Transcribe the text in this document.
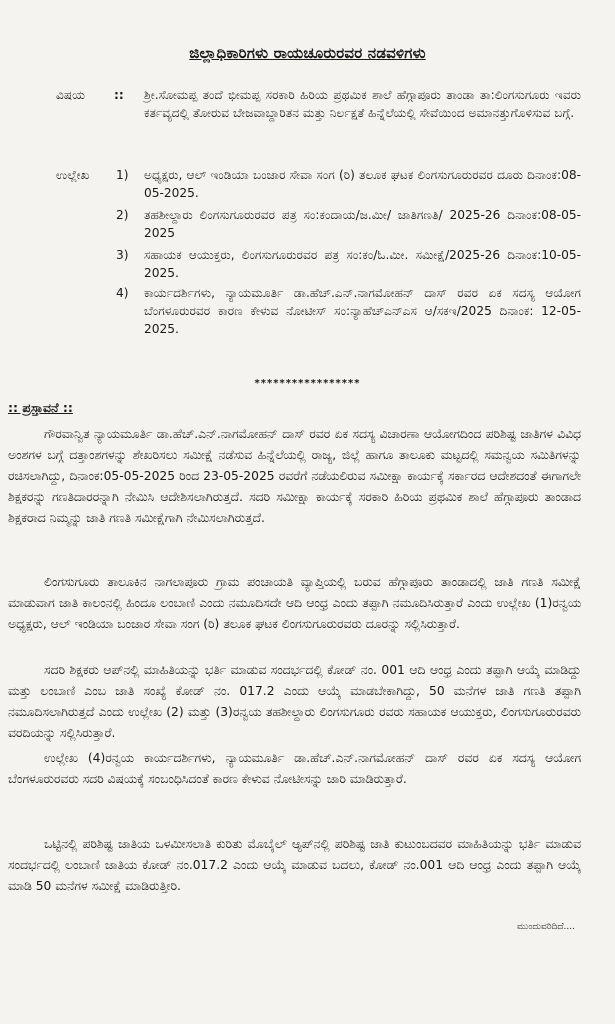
ಜಿಲ್ಲಾಧಿಕಾರಿಗಳು ರಾಯಚೂರುರವರ ನಡವಳಿಗಳು
ವಿಷಯ	::	ಶ್ರೀ.ಸೋಮಪ್ಪ ತಂದೆ ಭೀಮಪ್ಪ ಸರಕಾರಿ ಹಿರಿಯ ಪ್ರಥಮಿಕ ಶಾಲೆ ಹೆಗ್ಗಾಪೂರು ತಾಂಡಾ ತಾ:ಲಿಂಗಸುಗೂರು ಇವರು ಕರ್ತವ್ಯದಲ್ಲಿ ತೋರುವ ಬೇಜವಾಬ್ದಾರಿತನ ಮತ್ತು ನಿರ್ಲಕ್ಷತೆ ಹಿನ್ನೆಲೆಯಲ್ಲಿ ಸೇವೆಯಿಂದ ಅಮಾನತ್ತುಗೊಳಿಸುವ ಬಗ್ಗೆ.
ಉಲ್ಲೇಖ	1)	ಅಧ್ಯಕ್ಷರು, ಆಲ್ ಇಂಡಿಯಾ ಬಂಜಾರ ಸೇವಾ ಸಂಗ (ರಿ) ತಲೂಕ ಘಟಕ ಲಿಂಗಸುಗೂರುರವರ ದೂರು ದಿನಾಂಕ:08-05-2025.
2)	ತಹಶೀಲ್ದಾರು ಲಿಂಗಸುಗೂರುರವರ ಪತ್ರ ಸಂ:ಕಂದಾಯ/ಜ.ಮೀ/ ಜಾತಿಗಣತಿ/ 2025-26 ದಿನಾಂಕ:08-05-2025
3)	ಸಹಾಯಕ ಆಯುಕ್ತರು, ಲಿಂಗಸುಗೂರುರವರ ಪತ್ರ ಸಂ:ಕಂ/ಓ.ಮೀ. ಸಮೀಕ್ಷೆ/2025-26 ದಿನಾಂಕ:10-05-2025.
4)	ಕಾರ್ಯದರ್ಶಿಗಳು, ನ್ಯಾಯಮೂರ್ತಿ ಡಾ.ಹೆಚ್.ಎನ್.ನಾಗಮೋಹನ್ ದಾಸ್ ರವರ ಏಕ ಸದಸ್ಯ ಆಯೋಗ ಬೆಂಗಳೂರುರವರ ಕಾರಣ ಕೇಳುವ ನೋಟೀಸ್ ಸಂ:ನ್ಯಾಹೆಚ್ಎನ್ಎಸ ಆ/ಸಕಇ/2025 ದಿನಾಂಕ: 12-05-2025.
*****************
:: ಪ್ರಸ್ತಾವನೆ ::
ಗೌರವಾನ್ವಿತ ನ್ಯಾಯಮೂರ್ತಿ ಡಾ.ಹೆಚ್.ಎನ್.ನಾಗಮೋಹನ್ ದಾಸ್ ರವರ ಏಕ ಸದಸ್ಯ ವಿಚಾರಣಾ ಆಯೋಗದಿಂದ ಪರಿಶಿಷ್ಟ ಜಾತಿಗಳ ವಿವಿಧ ಅಂಶಗಳ ಬಗ್ಗೆ ದತ್ತಾಂಶಗಳನ್ನು ಶೇಖರಿಸಲು ಸಮೀಕ್ಷೆ ನಡೆಸುವ ಹಿನ್ನೆಲೆಯಲ್ಲಿ ರಾಜ್ಯ, ಜಿಲ್ಲೆ ಹಾಗೂ ತಾಲೂಕು ಮಟ್ಟದಲ್ಲಿ ಸಮನ್ವಯ ಸಮಿತಿಗಳನ್ನು ರಚಿಸಲಾಗಿದ್ದು, ದಿನಾಂಕ:05-05-2025 ರಿಂದ 23-05-2025 ರವರೆಗೆ ನಡೆಯಲಿರುವ ಸಮೀಕ್ಷಾ ಕಾರ್ಯಕ್ಕೆ ಸರ್ಕಾರದ ಆದೇಶದಂತೆ ಈಗಾಗಲೇ ಶಿಕ್ಷಕರನ್ನು ಗಣತಿದಾರರನ್ನಾಗಿ ನೇಮಿಸಿ ಆದೇಶಿಸಲಾಗಿರುತ್ತದೆ. ಸದರಿ ಸಮೀಕ್ಷಾ ಕಾರ್ಯಕ್ಕೆ ಸರಕಾರಿ ಹಿರಿಯ ಪ್ರಥಮಿಕ ಶಾಲೆ ಹೆಗ್ಗಾಪೂರು ತಾಂಡಾದ ಶಿಕ್ಷಕರಾದ ನಿಮ್ಮನ್ನು ಜಾತಿ ಗಣತಿ ಸಮೀಕ್ಷೆಗಾಗಿ ನೇಮಿಸಲಾಗಿರುತ್ತದೆ.
ಲಿಂಗಸುಗೂರು ತಾಲೂಕಿನ ನಾಗಲಾಪೂರು ಗ್ರಾಮ ಪಂಚಾಯತಿ ವ್ಯಾಪ್ತಿಯಲ್ಲಿ ಬರುವ ಹೆಗ್ಗಾಪೂರು ತಾಂಡಾದಲ್ಲಿ ಜಾತಿ ಗಣತಿ ಸಮೀಕ್ಷೆ ಮಾಡುವಾಗ ಜಾತಿ ಕಾಲಂನಲ್ಲಿ ಹಿಂದೂ ಲಂಬಾಣಿ ಎಂದು ನಮೂದಿಸದೇ ಆದಿ ಆಂಧ್ರ ಎಂದು ತಪ್ಪಾಗಿ ನಮೂದಿಸಿರುತ್ತಾರೆ ಎಂದು ಉಲ್ಲೇಖ (1)ರನ್ವಯ ಅಧ್ಯಕ್ಷರು, ಆಲ್ ಇಂಡಿಯಾ ಬಂಜಾರ ಸೇವಾ ಸಂಗ (ರಿ) ತಲೂಕ ಘಟಕ ಲಿಂಗಸುಗೂರುರವರು ದೂರನ್ನು ಸಲ್ಲಿಸಿರುತ್ತಾರೆ.
ಸದರಿ ಶಿಕ್ಷಕರು ಆಪ್‌ನಲ್ಲಿ ಮಾಹಿತಿಯನ್ನು ಭರ್ತಿ ಮಾಡುವ ಸಂದರ್ಭದಲ್ಲಿ ಕೋಡ್ ನಂ. 001 ಆದಿ ಆಂಧ್ರ ಎಂದು ತಪ್ಪಾಗಿ ಆಯ್ಕೆ ಮಾಡಿದ್ದು ಮತ್ತು ಲಂಬಾಣಿ ಎಂಬ ಜಾತಿ ಸಂಖ್ಯೆ ಕೋಡ್ ನಂ. 017.2 ಎಂದು ಆಯ್ಕೆ ಮಾಡಬೇಕಾಗಿದ್ದು, 50 ಮನೆಗಳ ಜಾತಿ ಗಣತಿ ತಪ್ಪಾಗಿ ನಮೂದಿಸಲಾಗಿರುತ್ತದೆ ಎಂದು ಉಲ್ಲೇಖ (2) ಮತ್ತು (3)ರನ್ವಯ ತಹಶೀಲ್ದಾರು ಲಿಂಗಸುಗೂರು ರವರು ಸಹಾಯಕ ಆಯುಕ್ತರು, ಲಿಂಗಸುಗೂರುರವರು ವರದಿಯನ್ನು ಸಲ್ಲಿಸಿರುತ್ತಾರೆ.
ಉಲ್ಲೇಖ (4)ರನ್ವಯ ಕಾರ್ಯದರ್ಶಿಗಳು, ನ್ಯಾಯಮೂರ್ತಿ ಡಾ.ಹೆಚ್.ಎನ್.ನಾಗಮೋಹನ್ ದಾಸ್ ರವರ ಏಕ ಸದಸ್ಯ ಆಯೋಗ ಬೆಂಗಳೂರುರವರು ಸದರಿ ವಿಷಯಕ್ಕೆ ಸಂಬಂಧಿಸಿದಂತೆ ಕಾರಣ ಕೇಳುವ ನೋಟೀಸನ್ನು ಜಾರಿ ಮಾಡಿರುತ್ತಾರೆ.
ಒಟ್ಟಿನಲ್ಲಿ ಪರಿಶಿಷ್ಟ ಜಾತಿಯ ಒಳಮೀಸಲಾತಿ ಕುರಿತು ಮೊಬೈಲ್ ಆ್ಯಪ್‌ನಲ್ಲಿ ಪರಿಶಿಷ್ಟ ಜಾತಿ ಕುಟುಂಬದವರ ಮಾಹಿತಿಯನ್ನು ಭರ್ತಿ ಮಾಡುವ ಸಂದರ್ಭದಲ್ಲಿ ಲಂಬಾಣಿ ಜಾತಿಯ ಕೋಡ್ ನಂ.017.2 ಎಂದು ಆಯ್ಕೆ ಮಾಡುವ ಬದಲು, ಕೋಡ್ ನಂ.001 ಆದಿ ಆಂಧ್ರ ಎಂದು ತಪ್ಪಾಗಿ ಆಯ್ಕೆ ಮಾಡಿ 50 ಮನೆಗಳ ಸಮೀಕ್ಷೆ ಮಾಡಿರುತ್ತೀರಿ.
ಮುಂದುವರಿದಿದೆ....
